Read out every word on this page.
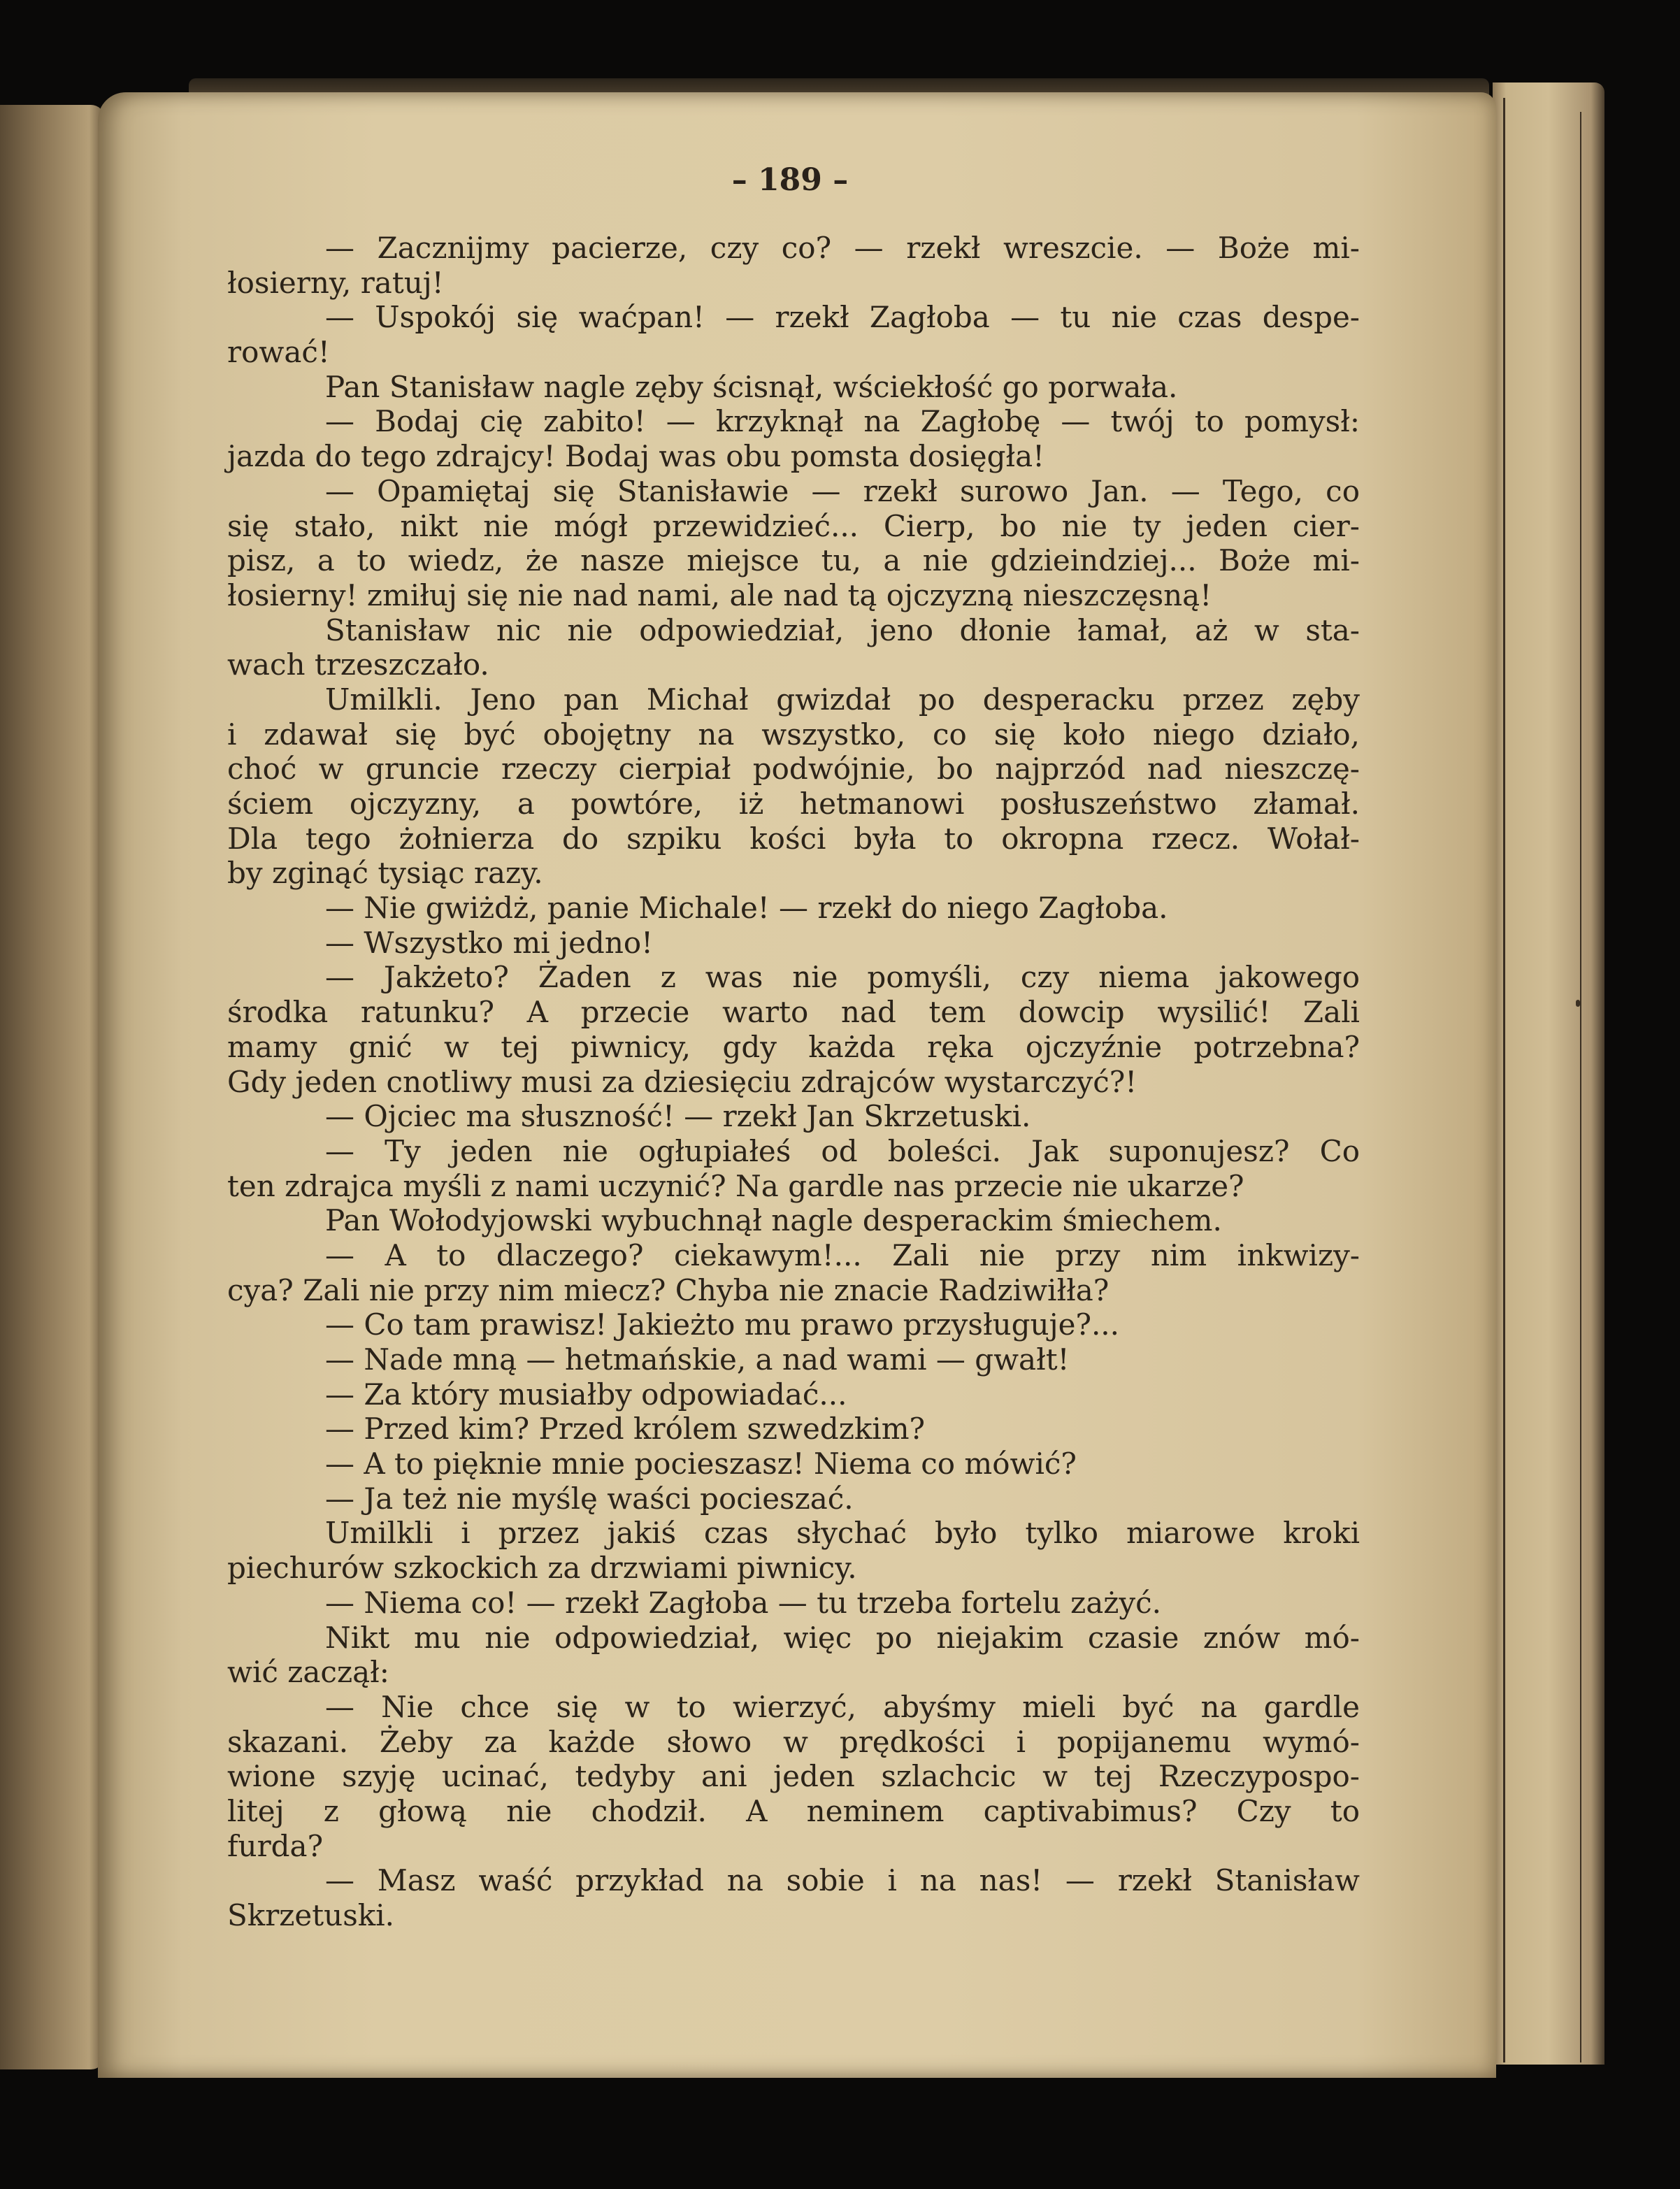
– 189 –
— Zacznijmy pacierze, czy co? — rzekł wreszcie. — Boże mi-
łosierny, ratuj!
— Uspokój się waćpan! — rzekł Zagłoba — tu nie czas despe-
rować!
Pan Stanisław nagle zęby ścisnął, wściekłość go porwała.
— Bodaj cię zabito! — krzyknął na Zagłobę — twój to pomysł:
jazda do tego zdrajcy! Bodaj was obu pomsta dosięgła!
— Opamiętaj się Stanisławie — rzekł surowo Jan. — Tego, co
się stało, nikt nie mógł przewidzieć... Cierp, bo nie ty jeden cier-
pisz, a to wiedz, że nasze miejsce tu, a nie gdzieindziej... Boże mi-
łosierny! zmiłuj się nie nad nami, ale nad tą ojczyzną nieszczęsną!
Stanisław nic nie odpowiedział, jeno dłonie łamał, aż w sta-
wach trzeszczało.
Umilkli. Jeno pan Michał gwizdał po desperacku przez zęby
i zdawał się być obojętny na wszystko, co się koło niego działo,
choć w gruncie rzeczy cierpiał podwójnie, bo najprzód nad nieszczę-
ściem ojczyzny, a powtóre, iż hetmanowi posłuszeństwo złamał.
Dla tego żołnierza do szpiku kości była to okropna rzecz. Wołał-
by zginąć tysiąc razy.
— Nie gwiżdż, panie Michale! — rzekł do niego Zagłoba.
— Wszystko mi jedno!
— Jakżeto? Żaden z was nie pomyśli, czy niema jakowego
środka ratunku? A przecie warto nad tem dowcip wysilić! Zali
mamy gnić w tej piwnicy, gdy każda ręka ojczyźnie potrzebna?
Gdy jeden cnotliwy musi za dziesięciu zdrajców wystarczyć?!
— Ojciec ma słuszność! — rzekł Jan Skrzetuski.
— Ty jeden nie ogłupiałeś od boleści. Jak suponujesz? Co
ten zdrajca myśli z nami uczynić? Na gardle nas przecie nie ukarze?
Pan Wołodyjowski wybuchnął nagle desperackim śmiechem.
— A to dlaczego? ciekawym!... Zali nie przy nim inkwizy-
cya? Zali nie przy nim miecz? Chyba nie znacie Radziwiłła?
— Co tam prawisz! Jakieżto mu prawo przysługuje?...
— Nade mną — hetmańskie, a nad wami — gwałt!
— Za który musiałby odpowiadać...
— Przed kim? Przed królem szwedzkim?
— A to pięknie mnie pocieszasz! Niema co mówić?
— Ja też nie myślę waści pocieszać.
Umilkli i przez jakiś czas słychać było tylko miarowe kroki
piechurów szkockich za drzwiami piwnicy.
— Niema co! — rzekł Zagłoba — tu trzeba fortelu zażyć.
Nikt mu nie odpowiedział, więc po niejakim czasie znów mó-
wić zaczął:
— Nie chce się w to wierzyć, abyśmy mieli być na gardle
skazani. Żeby za każde słowo w prędkości i popijanemu wymó-
wione szyję ucinać, tedyby ani jeden szlachcic w tej Rzeczypospo-
litej z głową nie chodził. A neminem captivabimus? Czy to
furda?
— Masz waść przykład na sobie i na nas! — rzekł Stanisław
Skrzetuski.
